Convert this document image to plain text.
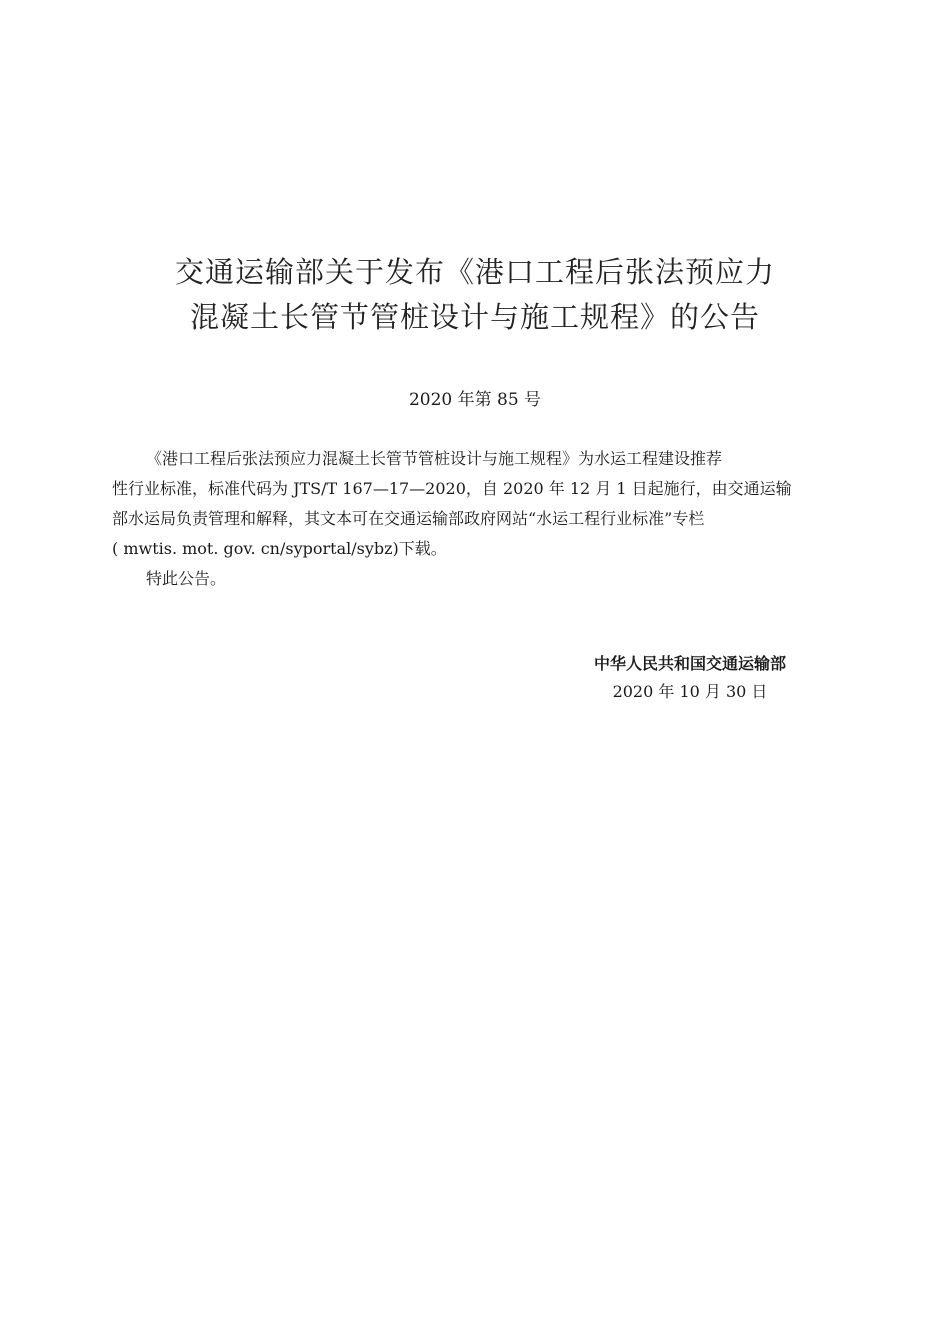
交通运输部关于发布《港口工程后张法预应力
混凝土长管节管桩设计与施工规程》的公告
2020 年第 85 号
《港口工程后张法预应力混凝土长管节管桩设计与施工规程》为水运工程建设推荐
性行业标准，标准代码为 JTS/T 167—17—2020，自 2020 年 12 月 1 日起施行，由交通运输
部水运局负责管理和解释，其文本可在交通运输部政府网站“水运工程行业标准”专栏
( mwtis. mot. gov. cn/syportal/sybz)下载。
特此公告。
中华人民共和国交通运输部
2020 年 10 月 30 日
